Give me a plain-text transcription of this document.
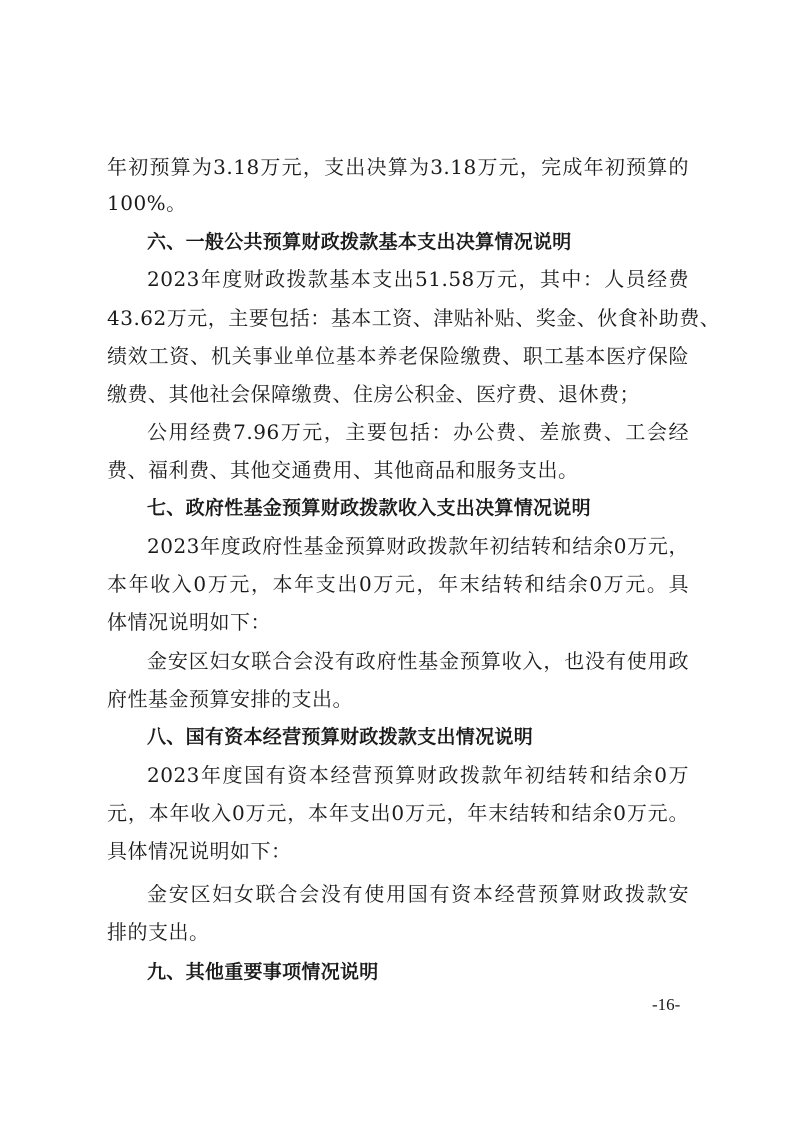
年初预算为3.18万元，支出决算为3.18万元，完成年初预算的
100%。
六、一般公共预算财政拨款基本支出决算情况说明
2023年度财政拨款基本支出51.58万元，其中：人员经费
43.62万元，主要包括：基本工资、津贴补贴、奖金、伙食补助费、
绩效工资、机关事业单位基本养老保险缴费、职工基本医疗保险
缴费、其他社会保障缴费、住房公积金、医疗费、退休费；
公用经费7.96万元，主要包括：办公费、差旅费、工会经
费、福利费、其他交通费用、其他商品和服务支出。
七、政府性基金预算财政拨款收入支出决算情况说明
2023年度政府性基金预算财政拨款年初结转和结余0万元，
本年收入0万元，本年支出0万元，年末结转和结余0万元。具
体情况说明如下：
金安区妇女联合会没有政府性基金预算收入，也没有使用政
府性基金预算安排的支出。
八、国有资本经营预算财政拨款支出情况说明
2023年度国有资本经营预算财政拨款年初结转和结余0万
元，本年收入0万元，本年支出0万元，年末结转和结余0万元。
具体情况说明如下：
金安区妇女联合会没有使用国有资本经营预算财政拨款安
排的支出。
九、其他重要事项情况说明
-16-
